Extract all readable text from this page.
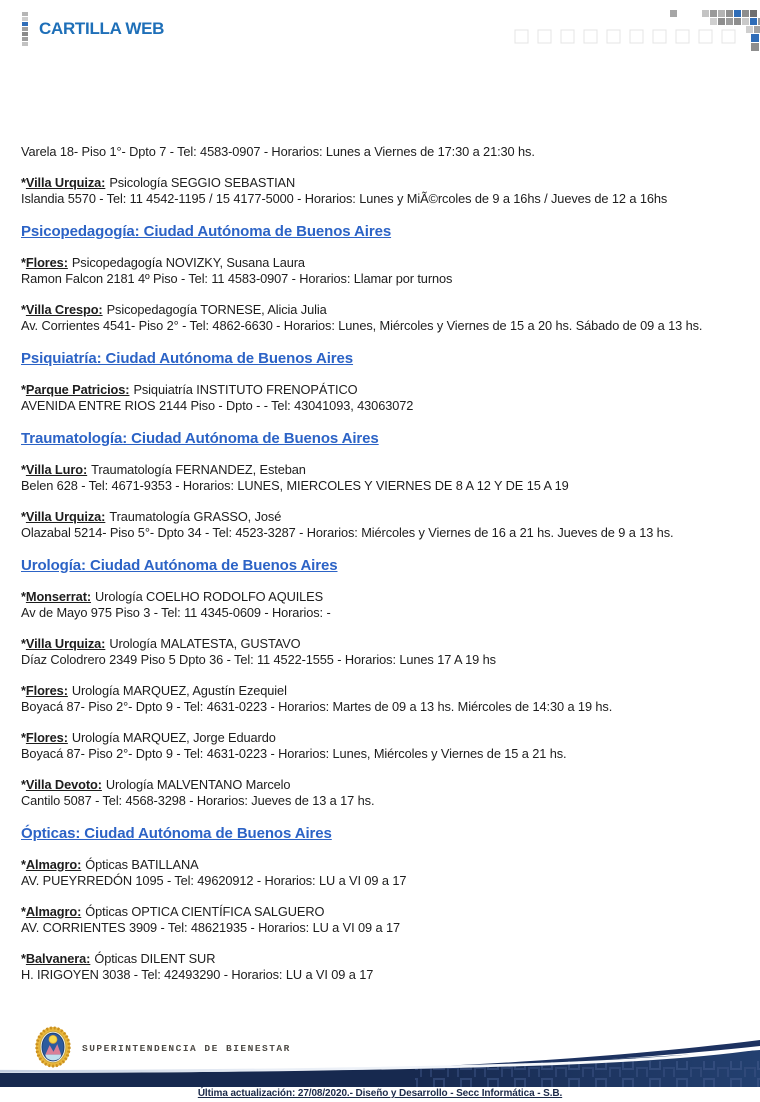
CARTILLA WEB

Varela 18- Piso 1°- Dpto 7 - Tel: 4583-0907 - Horarios: Lunes a Viernes de 17:30 a 21:30 hs.

*Villa Urquiza: Psicología SEGGIO SEBASTIAN
Islandia 5570 - Tel: 11 4542-1195 / 15 4177-5000 - Horarios: Lunes y MiÃ©rcoles de 9 a 16hs / Jueves de 12 a 16hs

Psicopedagogía: Ciudad Autónoma de Buenos Aires

*Flores: Psicopedagogía NOVIZKY, Susana Laura
Ramon Falcon 2181 4º Piso - Tel: 11 4583-0907 - Horarios: Llamar por turnos

*Villa Crespo: Psicopedagogía TORNESE, Alicia Julia
Av. Corrientes 4541- Piso 2° - Tel: 4862-6630 - Horarios: Lunes, Miércoles y Viernes de 15 a 20 hs. Sábado de 09 a 13 hs.

Psiquiatría: Ciudad Autónoma de Buenos Aires

*Parque Patricios: Psiquiatría INSTITUTO FRENOPÁTICO
AVENIDA ENTRE RIOS 2144 Piso - Dpto - - Tel: 43041093, 43063072

Traumatología: Ciudad Autónoma de Buenos Aires

*Villa Luro: Traumatología FERNANDEZ, Esteban
Belen 628 - Tel: 4671-9353 - Horarios: LUNES, MIERCOLES Y VIERNES DE 8 A 12 Y DE 15 A 19

*Villa Urquiza: Traumatología GRASSO, José
Olazabal 5214- Piso 5°- Dpto 34 - Tel: 4523-3287 - Horarios: Miércoles y Viernes de 16 a 21 hs. Jueves de 9 a 13 hs.

Urología: Ciudad Autónoma de Buenos Aires

*Monserrat: Urología COELHO RODOLFO AQUILES
Av de Mayo 975 Piso 3 - Tel: 11 4345-0609 - Horarios: -

*Villa Urquiza: Urología MALATESTA, GUSTAVO
Díaz Colodrero 2349 Piso 5 Dpto 36 - Tel: 11 4522-1555 - Horarios: Lunes 17 A 19 hs

*Flores: Urología MARQUEZ, Agustín Ezequiel
Boyacá 87- Piso 2°- Dpto 9 - Tel: 4631-0223 - Horarios: Martes de 09 a 13 hs. Miércoles de 14:30 a 19 hs.

*Flores: Urología MARQUEZ, Jorge Eduardo
Boyacá 87- Piso 2°- Dpto 9 - Tel: 4631-0223 - Horarios: Lunes, Miércoles y Viernes de 15 a 21 hs.

*Villa Devoto: Urología MALVENTANO Marcelo
Cantilo 5087 - Tel: 4568-3298 - Horarios: Jueves de 13 a 17 hs.

Ópticas: Ciudad Autónoma de Buenos Aires

*Almagro: Ópticas BATILLANA
AV. PUEYRREDÓN 1095 - Tel: 49620912 - Horarios: LU a VI 09 a 17

*Almagro: Ópticas OPTICA CIENTÍFICA SALGUERO
AV. CORRIENTES 3909 - Tel: 48621935 - Horarios: LU a VI 09 a 17

*Balvanera: Ópticas DILENT SUR
H. IRIGOYEN 3038 - Tel: 42493290 - Horarios: LU a VI 09 a 17

SUPERINTENDENCIA DE BIENESTAR
Última actualización: 27/08/2020.- Diseño y Desarrollo - Secc Informática - S.B.
